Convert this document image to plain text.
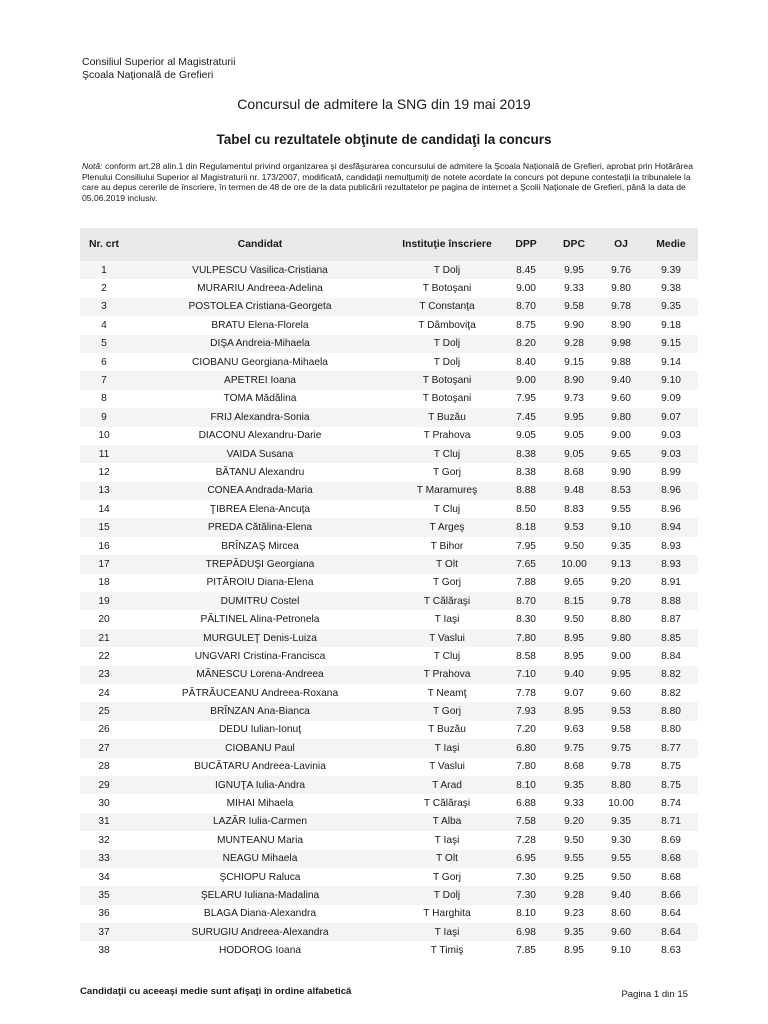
Consiliul Superior al Magistraturii
Şcoala Naţională de Grefieri
Concursul de admitere la SNG din 19 mai 2019
Tabel cu rezultatele obţinute de candidaţi la concurs
Notă: conform art.28 alin.1 din Regulamentul privind organizarea şi desfăşurarea concursului de admitere la Şcoala Naţională de Grefieri, aprobat prin Hotărârea Plenului Consiliului Superior al Magistraturii nr. 173/2007, modificată, candidaţii nemulţumiţi de notele acordate la concurs pot depune contestaţii la tribunalele la care au depus cererile de înscriere, în termen de 48 de ore de la data publicării rezultatelor pe pagina de internet a Şcolii Naţionale de Grefieri, până la data de 05.06.2019 inclusiv.
Nr. crt	Candidat	Instituţie înscriere	DPP	DPC	OJ	Medie
1	VULPESCU Vasilica-Cristiana	T Dolj	8.45	9.95	9.76	9.39
2	MURARIU Andreea-Adelina	T Botoşani	9.00	9.33	9.80	9.38
3	POSTOLEA Cristiana-Georgeta	T Constanţa	8.70	9.58	9.78	9.35
4	BRATU Elena-Florela	T Dâmboviţa	8.75	9.90	8.90	9.18
5	DIŞA Andreia-Mihaela	T Dolj	8.20	9.28	9.98	9.15
6	CIOBANU Georgiana-Mihaela	T Dolj	8.40	9.15	9.88	9.14
7	APETREI Ioana	T Botoşani	9.00	8.90	9.40	9.10
8	TOMA Mădălina	T Botoşani	7.95	9.73	9.60	9.09
9	FRIJ Alexandra-Sonia	T Buzău	7.45	9.95	9.80	9.07
10	DIACONU Alexandru-Darie	T Prahova	9.05	9.05	9.00	9.03
11	VAIDA Susana	T Cluj	8.38	9.05	9.65	9.03
12	BĂTANU Alexandru	T Gorj	8.38	8.68	9.90	8.99
13	CONEA Andrada-Maria	T Maramureş	8.88	9.48	8.53	8.96
14	ŢIBREA Elena-Ancuţa	T Cluj	8.50	8.83	9.55	8.96
15	PREDA Cătălina-Elena	T Argeş	8.18	9.53	9.10	8.94
16	BRÎNZAŞ Mircea	T Bihor	7.95	9.50	9.35	8.93
17	TREPĂDUŞI Georgiana	T Olt	7.65	10.00	9.13	8.93
18	PITĂROIU Diana-Elena	T Gorj	7.88	9.65	9.20	8.91
19	DUMITRU Costel	T Călăraşi	8.70	8.15	9.78	8.88
20	PĂLTINEL Alina-Petronela	T Iaşi	8.30	9.50	8.80	8.87
21	MURGULEŢ Denis-Luiza	T Vaslui	7.80	8.95	9.80	8.85
22	UNGVARI Cristina-Francisca	T Cluj	8.58	8.95	9.00	8.84
23	MĂNESCU Lorena-Andreea	T Prahova	7.10	9.40	9.95	8.82
24	PĂTRĂUCEANU Andreea-Roxana	T Neamţ	7.78	9.07	9.60	8.82
25	BRÎNZAN Ana-Bianca	T Gorj	7.93	8.95	9.53	8.80
26	DEDU Iulian-Ionuţ	T Buzău	7.20	9.63	9.58	8.80
27	CIOBANU Paul	T Iaşi	6.80	9.75	9.75	8.77
28	BUCĂTARU Andreea-Lavinia	T Vaslui	7.80	8.68	9.78	8.75
29	IGNUŢA Iulia-Andra	T Arad	8.10	9.35	8.80	8.75
30	MIHAI Mihaela	T Călăraşi	6.88	9.33	10.00	8.74
31	LAZĂR Iulia-Carmen	T Alba	7.58	9.20	9.35	8.71
32	MUNTEANU Maria	T Iaşi	7.28	9.50	9.30	8.69
33	NEAGU Mihaela	T Olt	6.95	9.55	9.55	8.68
34	ŞCHIOPU Raluca	T Gorj	7.30	9.25	9.50	8.68
35	ŞELARU Iuliana-Madalina	T Dolj	7.30	9.28	9.40	8.66
36	BLAGA Diana-Alexandra	T Harghita	8.10	9.23	8.60	8.64
37	SURUGIU Andreea-Alexandra	T Iaşi	6.98	9.35	9.60	8.64
38	HODOROG Ioana	T Timiş	7.85	8.95	9.10	8.63
Candidaţii cu aceeaşi medie sunt afişaţi în ordine alfabetică	Pagina 1 din 15
